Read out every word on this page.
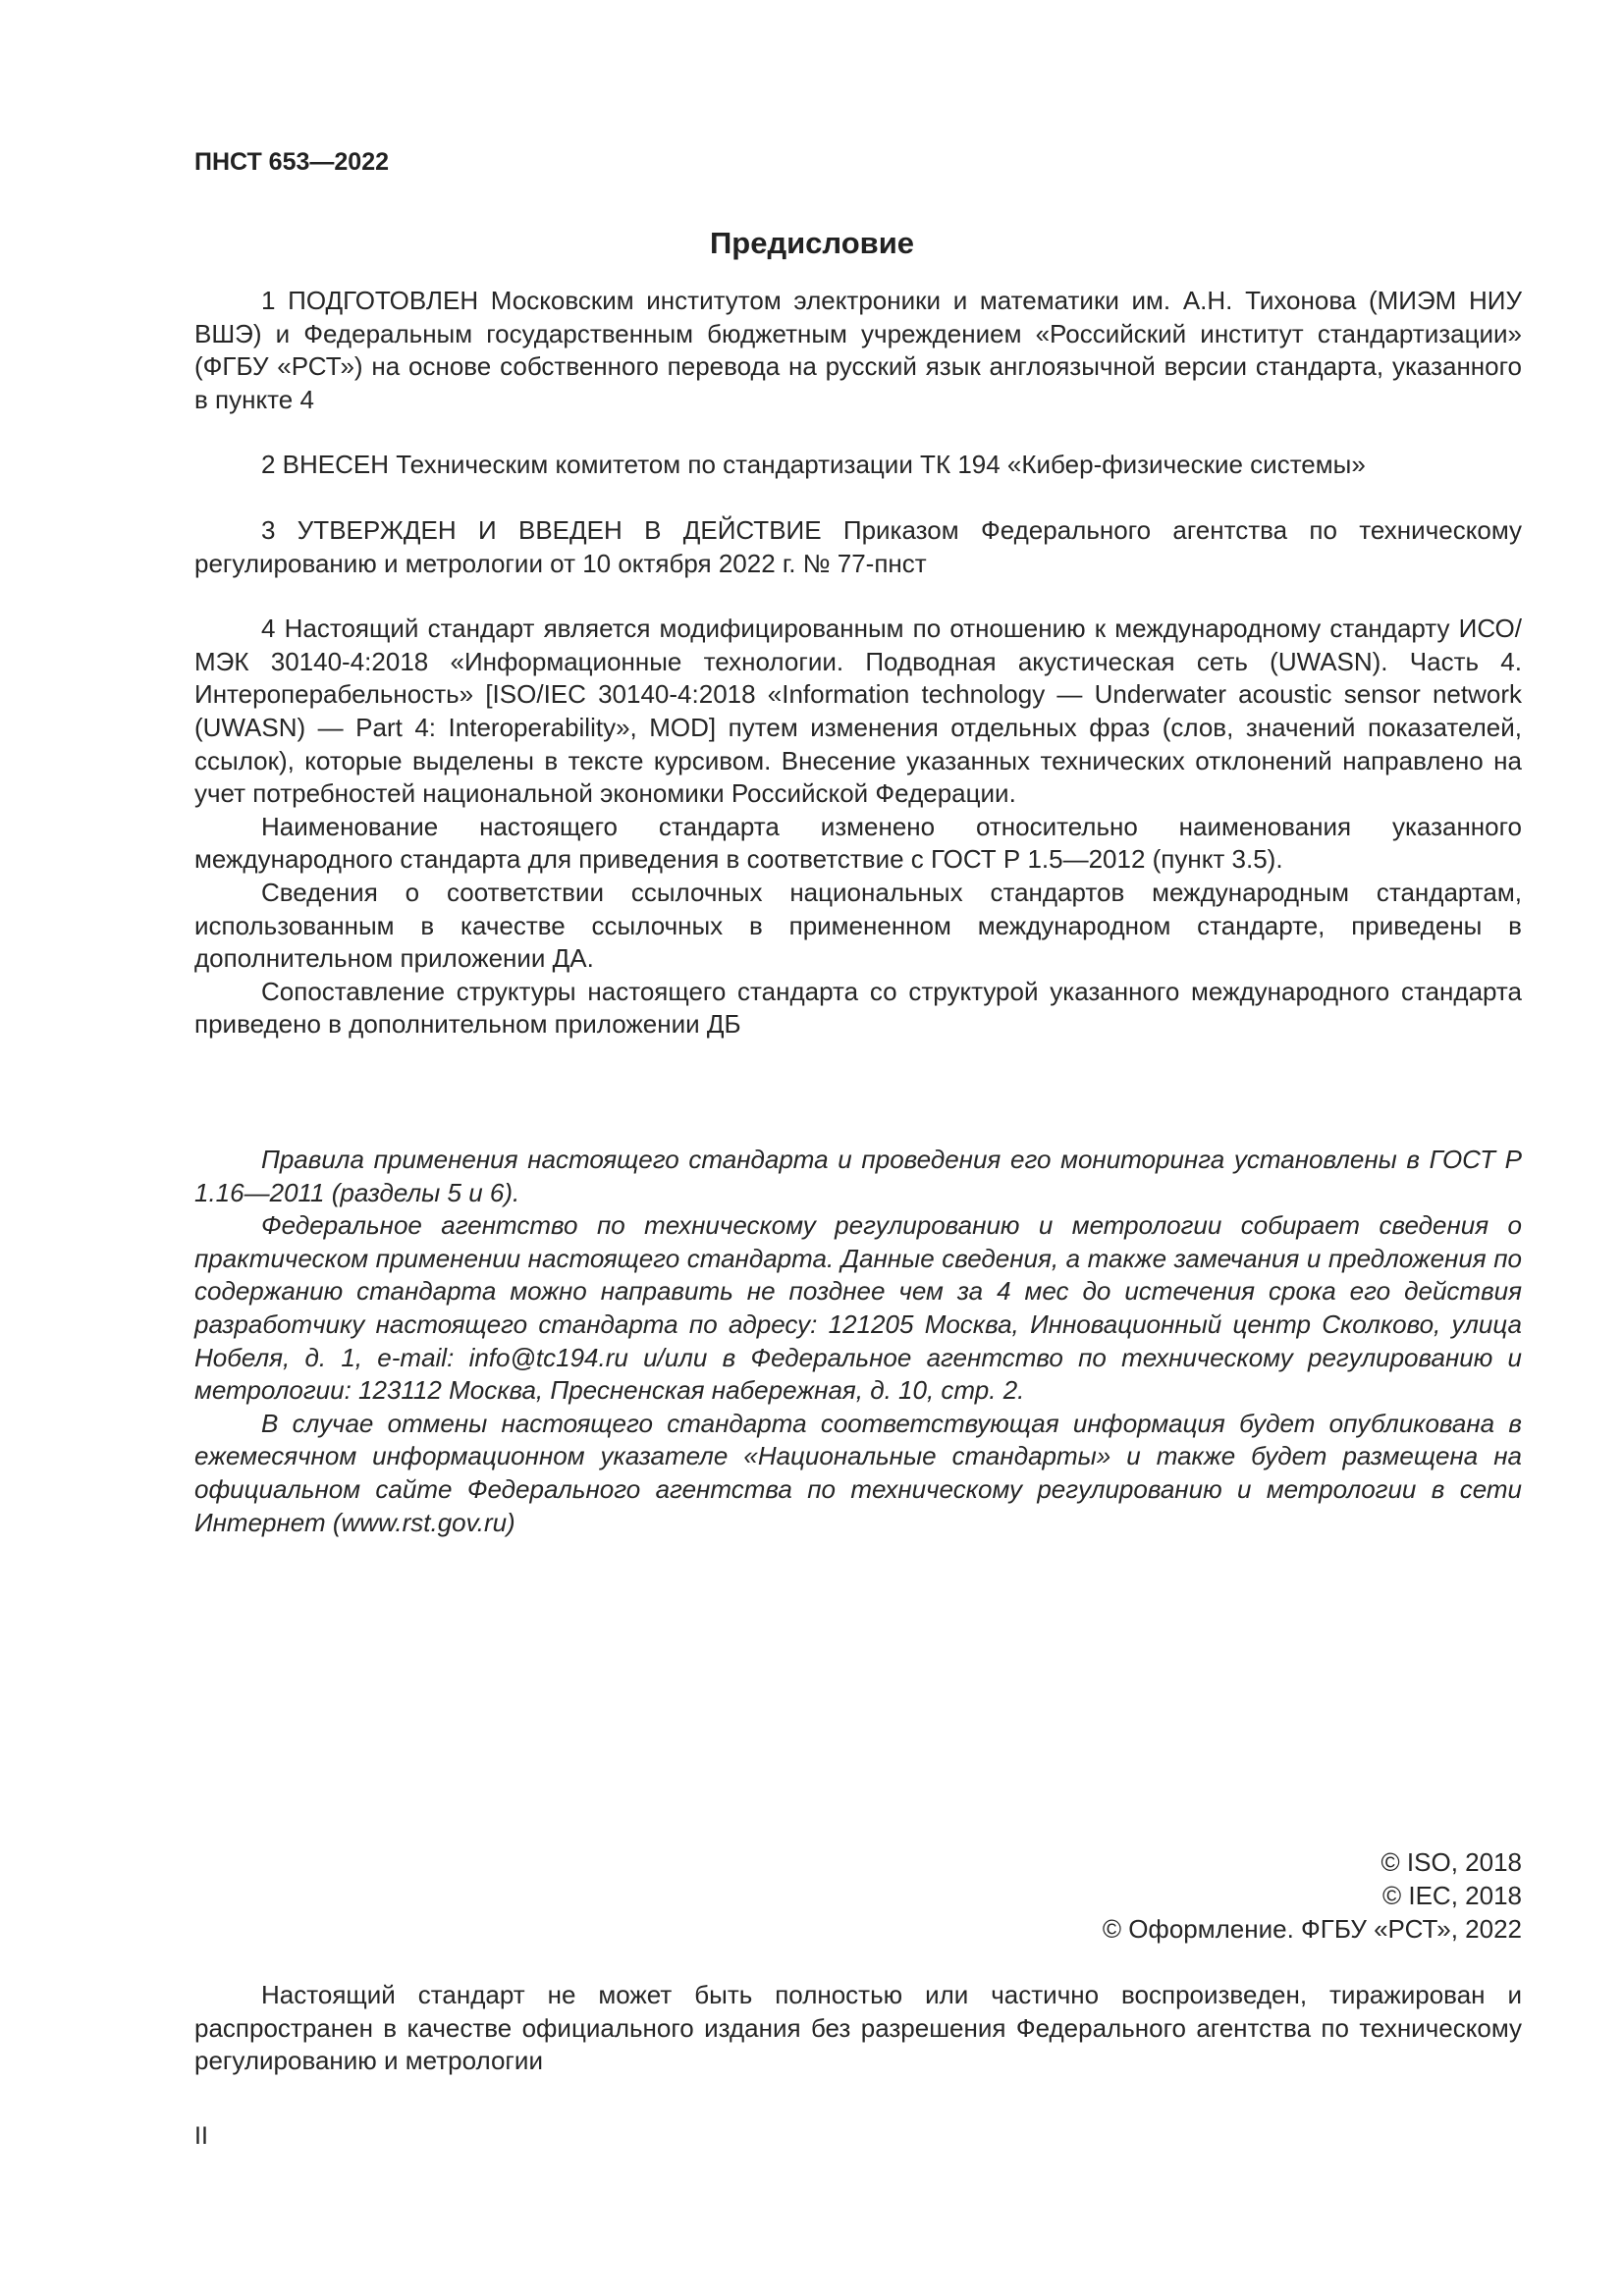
ПНСТ 653—2022
Предисловие

1 ПОДГОТОВЛЕН Московским институтом электроники и математики им. А.Н. Тихонова (МИЭМ НИУ ВШЭ) и Федеральным государственным бюджетным учреждением «Российский институт стандартизации» (ФГБУ «РСТ») на основе собственного перевода на русский язык англоязычной версии стандарта, указанного в пункте 4

2 ВНЕСЕН Техническим комитетом по стандартизации ТК 194 «Кибер-физические системы»

3 УТВЕРЖДЕН И ВВЕДЕН В ДЕЙСТВИЕ Приказом Федерального агентства по техническому регулированию и метрологии от 10 октября 2022 г. № 77-пнст

4 Настоящий стандарт является модифицированным по отношению к международному стандарту ИСО/МЭК 30140-4:2018 «Информационные технологии. Подводная акустическая сеть (UWASN). Часть 4. Интероперабельность» [ISO/IEC 30140-4:2018 «Information technology — Underwater acoustic sensor network (UWASN) — Part 4: Interoperability», MOD] путем изменения отдельных фраз (слов, значений показателей, ссылок), которые выделены в тексте курсивом. Внесение указанных технических отклонений направлено на учет потребностей национальной экономики Российской Федерации.

Наименование настоящего стандарта изменено относительно наименования указанного международного стандарта для приведения в соответствие с ГОСТ Р 1.5—2012 (пункт 3.5).

Сведения о соответствии ссылочных национальных стандартов международным стандартам, использованным в качестве ссылочных в примененном международном стандарте, приведены в дополнительном приложении ДА.

Сопоставление структуры настоящего стандарта со структурой указанного международного стандарта приведено в дополнительном приложении ДБ

Правила применения настоящего стандарта и проведения его мониторинга установлены в ГОСТ Р 1.16—2011 (разделы 5 и 6).

Федеральное агентство по техническому регулированию и метрологии собирает сведения о практическом применении настоящего стандарта. Данные сведения, а также замечания и предложения по содержанию стандарта можно направить не позднее чем за 4 мес до истечения срока его действия разработчику настоящего стандарта по адресу: 121205 Москва, Инновационный центр Сколково, улица Нобеля, д. 1, e-mail: info@tc194.ru и/или в Федеральное агентство по техническому регулированию и метрологии: 123112 Москва, Пресненская набережная, д. 10, стр. 2.

В случае отмены настоящего стандарта соответствующая информация будет опубликована в ежемесячном информационном указателе «Национальные стандарты» и также будет размещена на официальном сайте Федерального агентства по техническому регулированию и метрологии в сети Интернет (www.rst.gov.ru)

© ISO, 2018
© IEC, 2018
© Оформление. ФГБУ «РСТ», 2022

Настоящий стандарт не может быть полностью или частично воспроизведен, тиражирован и распространен в качестве официального издания без разрешения Федерального агентства по техническому регулированию и метрологии

II
